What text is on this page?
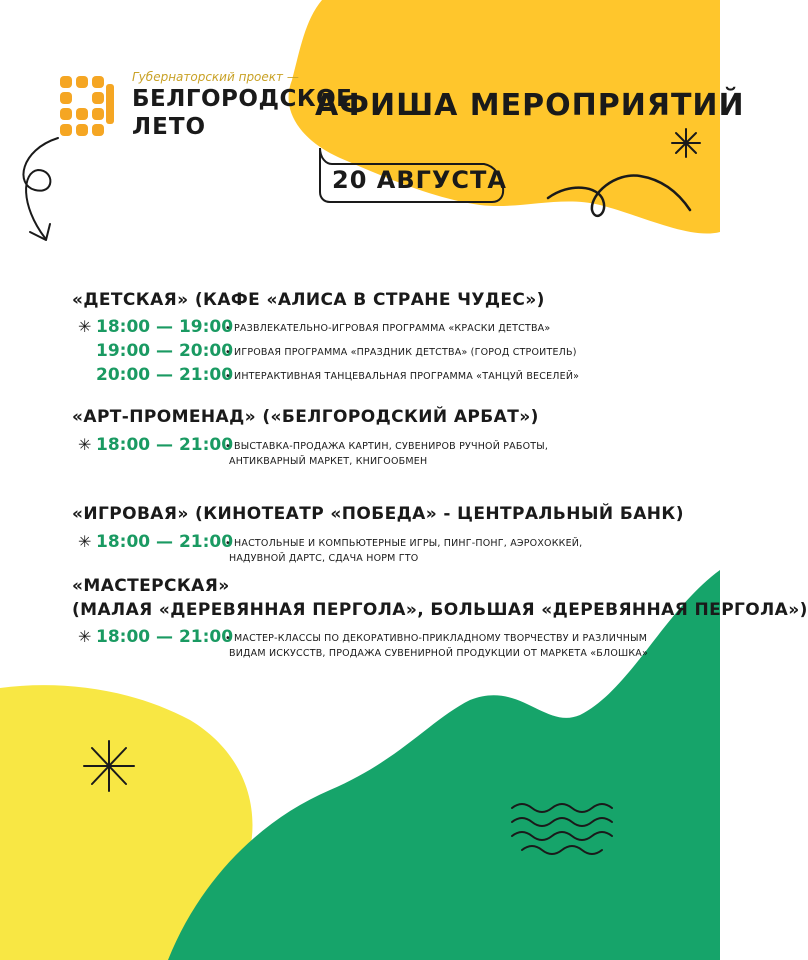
Губернаторский проект —
БЕЛГОРОДСКОЕ
ЛЕТО
АФИША МЕРОПРИЯТИЙ
20 АВГУСТА
«ДЕТСКАЯ» (КАФЕ «АЛИСА В СТРАНЕ ЧУДЕС»)
✳ 18:00 — 19:00
• РАЗВЛЕКАТЕЛЬНО-ИГРОВАЯ ПРОГРАММА «КРАСКИ ДЕТСТВА»
19:00 — 20:00
• ИГРОВАЯ ПРОГРАММА «ПРАЗДНИК ДЕТСТВА» (ГОРОД СТРОИТЕЛЬ)
20:00 — 21:00
• ИНТЕРАКТИВНАЯ ТАНЦЕВАЛЬНАЯ ПРОГРАММА «ТАНЦУЙ ВЕСЕЛЕЙ»
«АРТ-ПРОМЕНАД» («БЕЛГОРОДСКИЙ АРБАТ»)
✳ 18:00 — 21:00
• ВЫСТАВКА-ПРОДАЖА КАРТИН, СУВЕНИРОВ РУЧНОЙ РАБОТЫ,
АНТИКВАРНЫЙ МАРКЕТ, КНИГООБМЕН
«ИГРОВАЯ» (КИНОТЕАТР «ПОБЕДА» - ЦЕНТРАЛЬНЫЙ БАНК)
✳ 18:00 — 21:00
• НАСТОЛЬНЫЕ И КОМПЬЮТЕРНЫЕ ИГРЫ, ПИНГ-ПОНГ, АЭРОХОККЕЙ,
НАДУВНОЙ ДАРТС, СДАЧА НОРМ ГТО
«МАСТЕРСКАЯ»
(МАЛАЯ «ДЕРЕВЯННАЯ ПЕРГОЛА», БОЛЬШАЯ «ДЕРЕВЯННАЯ ПЕРГОЛА»)
✳ 18:00 — 21:00
• МАСТЕР-КЛАССЫ ПО ДЕКОРАТИВНО-ПРИКЛАДНОМУ ТВОРЧЕСТВУ И РАЗЛИЧНЫМ
ВИДАМ ИСКУССТВ, ПРОДАЖА СУВЕНИРНОЙ ПРОДУКЦИИ ОТ МАРКЕТА «БЛОШКА»
